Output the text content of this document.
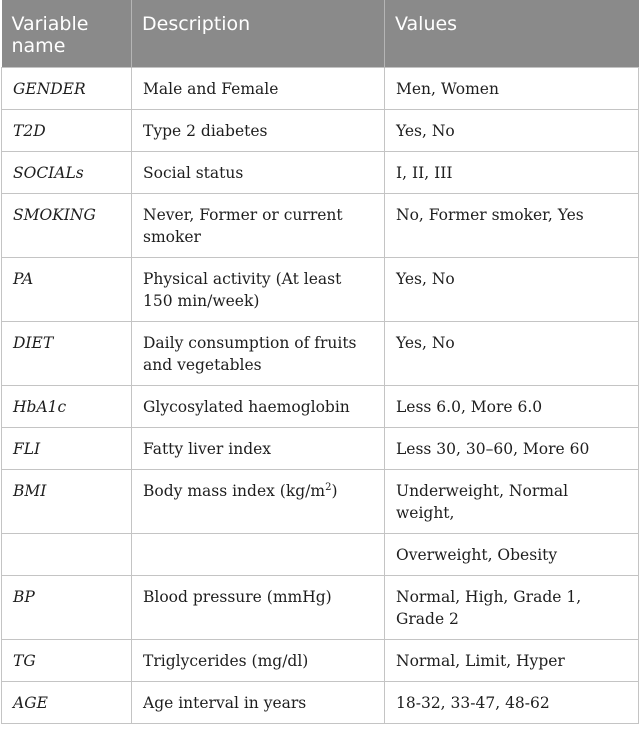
Variable name	Description	Values
GENDER	Male and Female	Men, Women
T2D	Type 2 diabetes	Yes, No
SOCIALs	Social status	I, II, III
SMOKING	Never, Former or current smoker	No, Former smoker, Yes
PA	Physical activity (At least 150 min/week)	Yes, No
DIET	Daily consumption of fruits and vegetables	Yes, No
HbA1c	Glycosylated haemoglobin	Less 6.0, More 6.0
FLI	Fatty liver index	Less 30, 30–60, More 60
BMI	Body mass index $(kg/m^2)$	Underweight, Normal weight,
		Overweight, Obesity
BP	Blood pressure (mmHg)	Normal, High, Grade 1, Grade 2
TG	Triglycerides (mg/dl)	Normal, Limit, Hyper
AGE	Age interval in years	18-32, 33-47, 48-62
